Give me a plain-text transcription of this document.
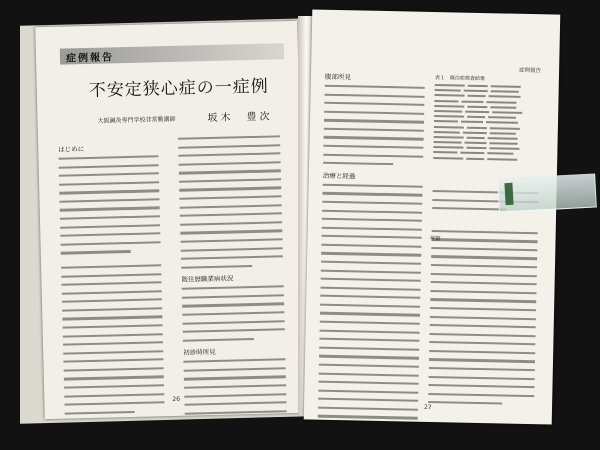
症例報告
不安定狭心症の一症例
大阪鍼灸専門学校非常勤講師	坂木　豊次
はじめに
既往歴職業病状況
初診時所見
26
症例報告
腹部所見
治療と経過
表１　既往症検査結果
考察
27
